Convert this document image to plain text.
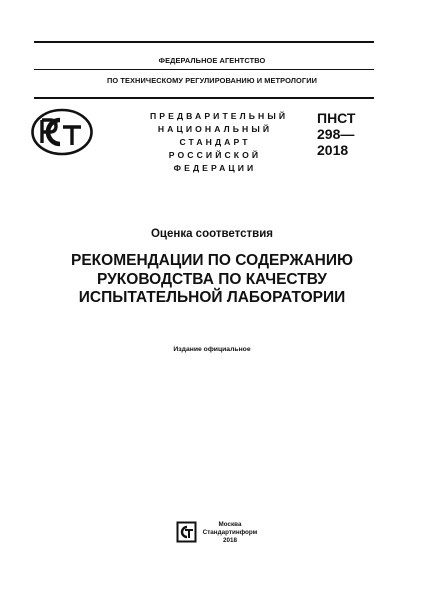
ФЕДЕРАЛЬНОЕ АГЕНТСТВО
ПО ТЕХНИЧЕСКОМУ РЕГУЛИРОВАНИЮ И МЕТРОЛОГИИ
ПРЕДВАРИТЕЛЬНЫЙ
НАЦИОНАЛЬНЫЙ
СТАНДАРТ
РОССИЙСКОЙ
ФЕДЕРАЦИИ
ПНСТ
298—
2018
Оценка соответствия
РЕКОМЕНДАЦИИ ПО СОДЕРЖАНИЮ
РУКОВОДСТВА ПО КАЧЕСТВУ
ИСПЫТАТЕЛЬНОЙ ЛАБОРАТОРИИ
Издание официальное
Москва
Стандартинформ
2018
